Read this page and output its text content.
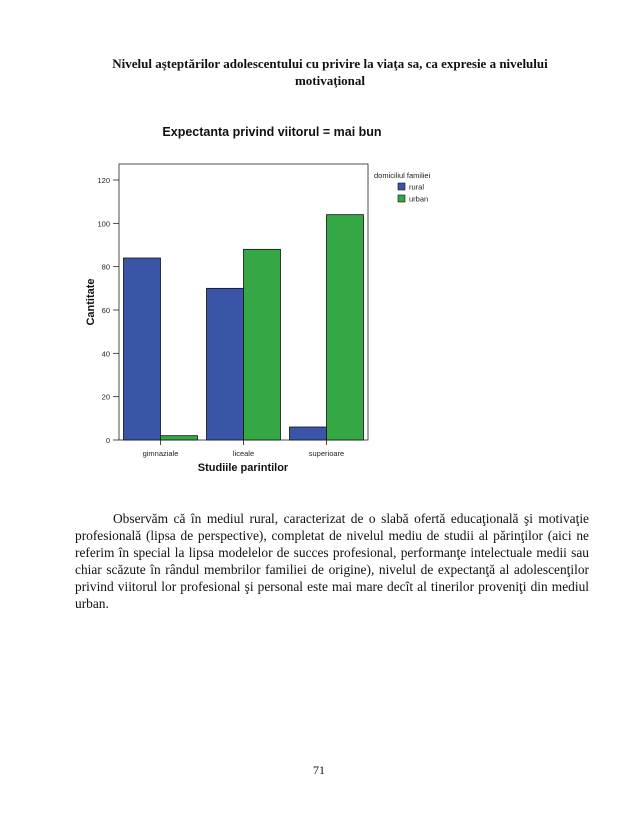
Nivelul aşteptărilor adolescentului cu privire la viaţa sa, ca expresie a nivelului
motivaţional
Expectanta privind viitorul = mai bun
0
20
40
60
80
100
120
gimnaziale	liceale	superioare
Cantitate
Studiile parintilor
domiciliul familiei
rural
urban
Observăm că în mediul rural, caracterizat de o slabă ofertă educaţională şi motivaţie profesională (lipsa de perspective), completat de nivelul mediu de studii al părinţilor (aici ne referim în special la lipsa modelelor de succes profesional, performanţe intelectuale medii sau chiar scăzute în rândul membrilor familiei de origine), nivelul de expectanţă al adolescenţilor privind viitorul lor profesional şi personal este mai mare decît al tinerilor proveniţi din mediul urban.
71
